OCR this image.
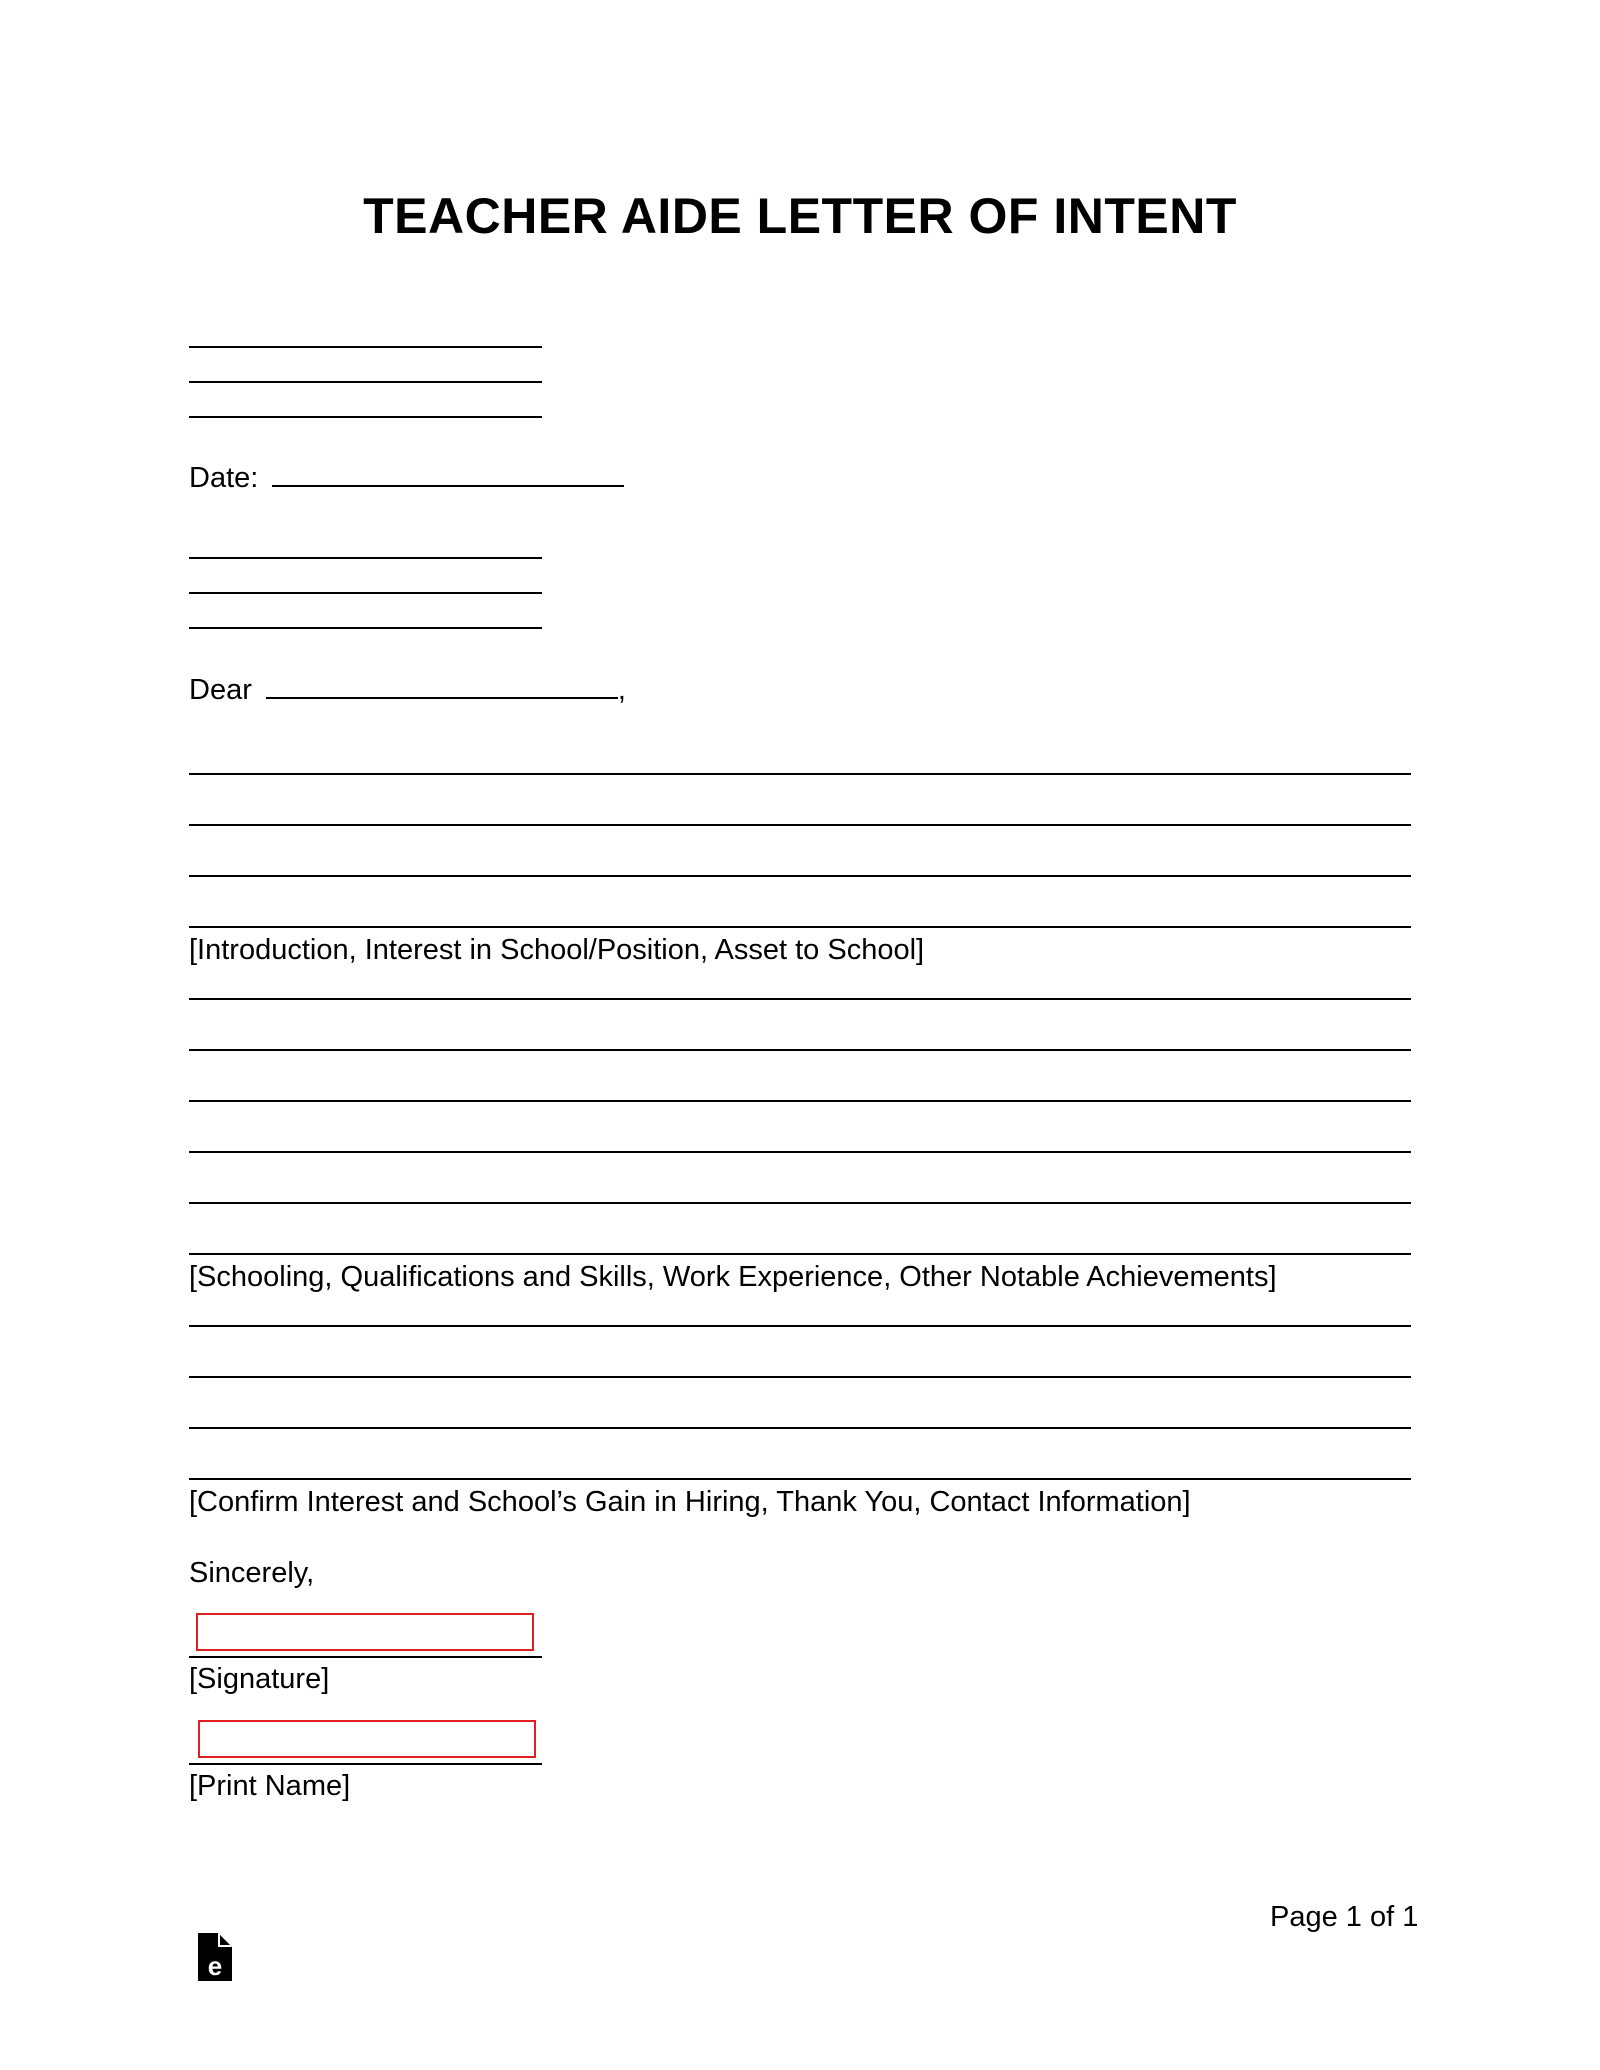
TEACHER AIDE LETTER OF INTENT
Date:
Dear	,
[Introduction, Interest in School/Position, Asset to School]
[Schooling, Qualifications and Skills, Work Experience, Other Notable Achievements]
[Confirm Interest and School’s Gain in Hiring, Thank You, Contact Information]
Sincerely,
[Signature]
[Print Name]
Page 1 of 1
e
